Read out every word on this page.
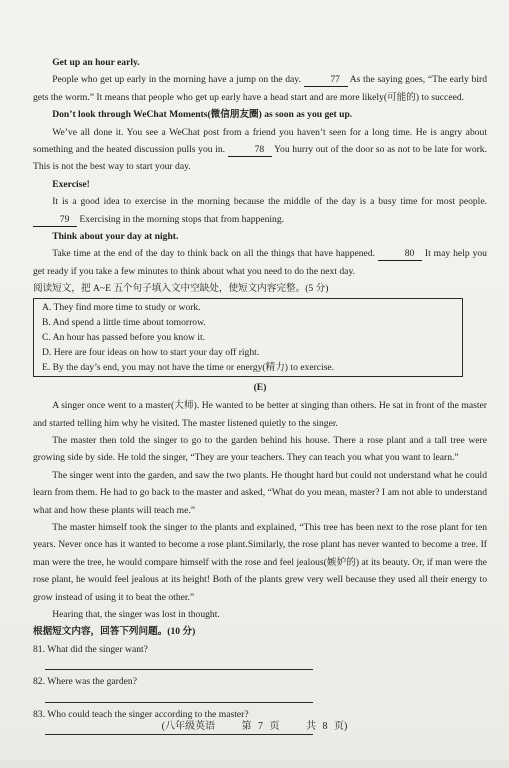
Get up an hour early.

People who get up early in the morning have a jump on the day.	77 As the saying goes, “The early bird gets the worm.” It means that people who get up early have a head start and are more likely(可能的) to succeed.

Don’t look through WeChat Moments(微信朋友圈) as soon as you get up.

We’ve all done it. You see a WeChat post from a friend you haven’t seen for a long time. He is angry about something and the heated discussion pulls you in.	78 You hurry out of the door so as not to be late for work. This is not the best way to start your day.

Exercise!

It is a good idea to exercise in the morning because the middle of the day is a busy time for most people. 79 Exercising in the morning stops that from happening.

Think about your day at night.

Take time at the end of the day to think back on all the things that have happened.	80 It may help you get ready if you take a few minutes to think about what you need to do the next day.

阅读短文，把 A~E 五个句子填入文中空缺处，使短文内容完整。(5 分)

A. They find more time to study or work.
B. And spend a little time about tomorrow.
C. An hour has passed before you know it.
D. Here are four ideas on how to start your day off right.
E. By the day’s end, you may not have the time or energy(精力) to exercise.
(E)

A singer once went to a master(大师). He wanted to be better at singing than others. He sat in front of the master and started telling him why he visited. The master listened quietly to the singer.

The master then told the singer to go to the garden behind his house. There a rose plant and a tall tree were growing side by side. He told the singer, “They are your teachers. They can teach you what you want to learn.”

The singer went into the garden, and saw the two plants. He thought hard but could not understand what he could learn from them. He had to go back to the master and asked, “What do you mean, master? I am not able to understand what and how these plants will teach me.”

The master himself took the singer to the plants and explained, “This tree has been next to the rose plant for ten years. Never once has it wanted to become a rose plant.Similarly, the rose plant has never wanted to become a tree. If man were the tree, he would compare himself with the rose and feel jealous(嫉妒的) at its beauty. Or, if man were the rose plant, he would feel jealous at its height! Both of the plants grew very well because they used all their energy to grow instead of using it to beat the other.”

Hearing that, the singer was lost in thought.

根据短文内容，回答下列问题。(10 分)

81. What did the singer want?

82. Where was the garden?

83. Who could teach the singer according to the master?

(八年级英语	第 7 页	共 8 页)
